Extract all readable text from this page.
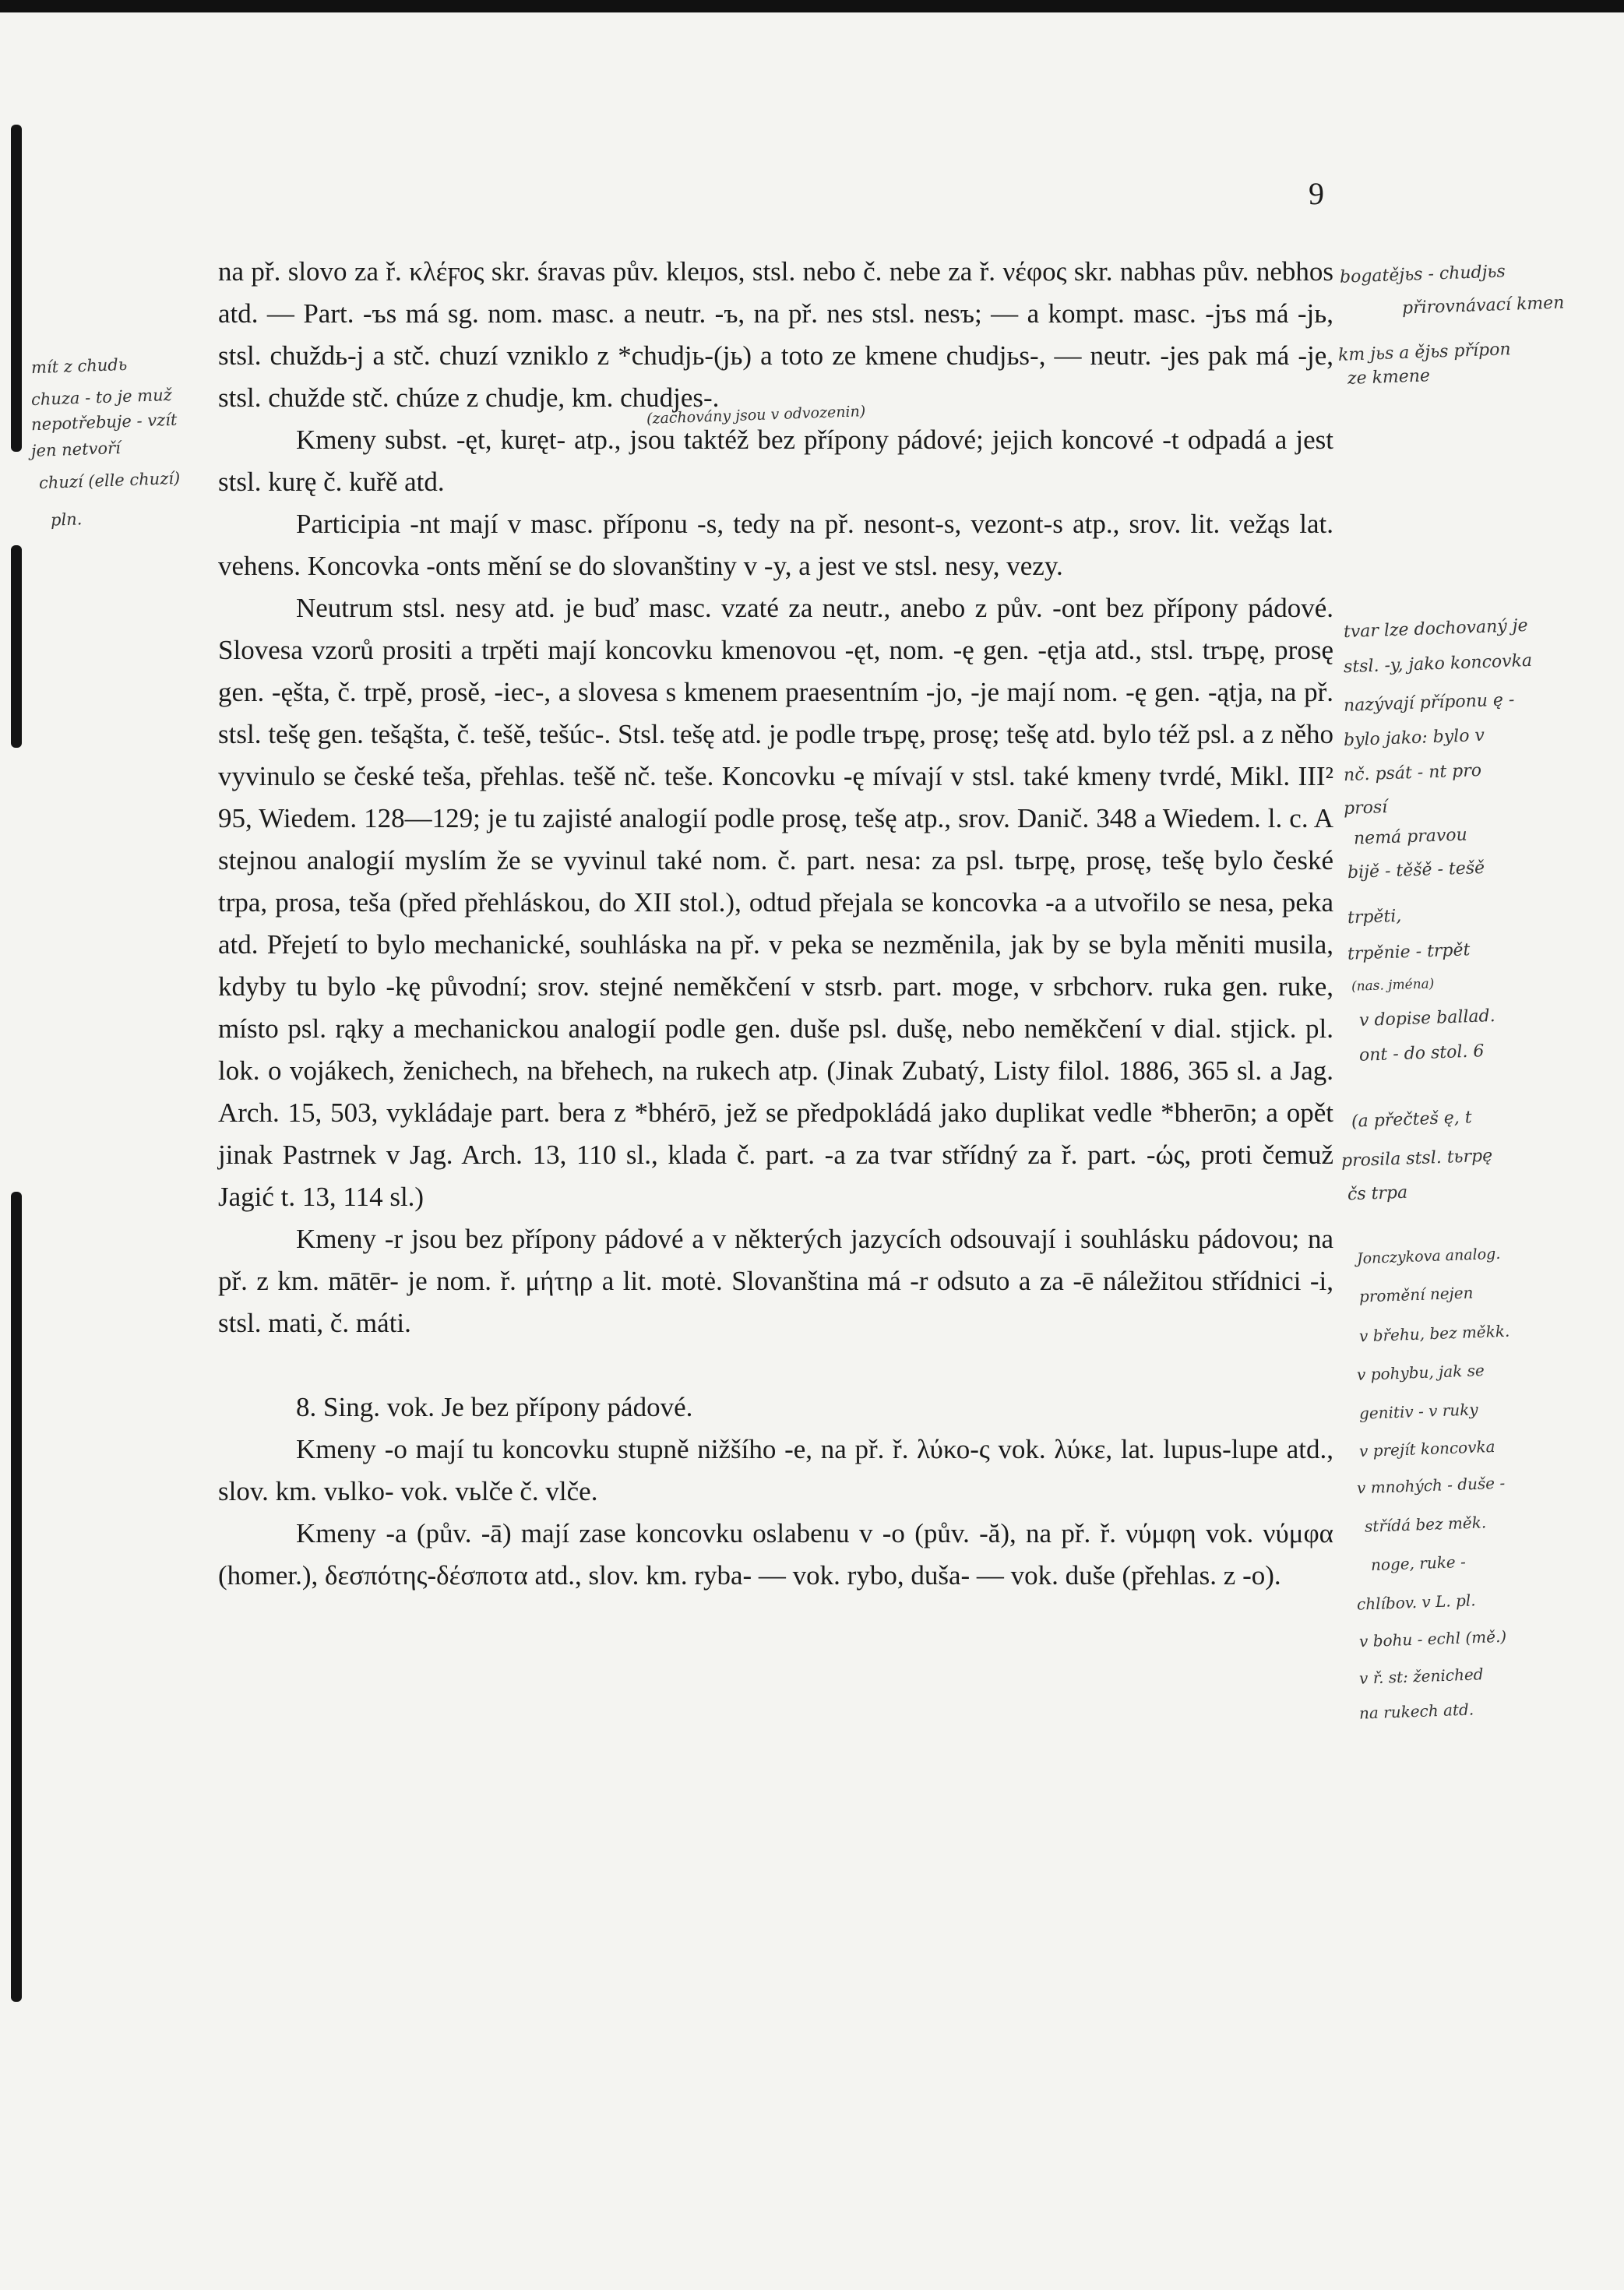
9

na př. slovo za ř. κλέϝος skr. śravas pův. kleџos, stsl. nebo č. nebe za ř. νέφος skr. nabhas pův. nebhos atd. — Part. -ъs má sg. nom. masc. a neutr. -ъ, na př. nes stsl. nesъ; — a kompt. masc. -jъs má -jь, stsl. chuždь-j a stč. chuzí vzniklo z *chudjь-(jь) a toto ze kmene chudjьs-, — neutr. -jes pak má -je, stsl. chužde stč. chúze z chudje, km. chudjes-.

Kmeny subst. -ęt, kuręt- atp., jsou taktéž bez přípony pádové; jejich koncové -t odpadá a jest stsl. kurę č. kuřě atd.

Participia -nt mají v masc. příponu -s, tedy na př. nesont-s, vezont-s atp., srov. lit. vežąs lat. vehens. Koncovka -onts mění se do slovanštiny v -y, a jest ve stsl. nesy, vezy.

Neutrum stsl. nesy atd. je buď masc. vzaté za neutr., anebo z pův. -ont bez přípony pádové. Slovesa vzorů prositi a trpěti mají koncovku kmenovou -ęt, nom. -ę gen. -ętja atd., stsl. trъpę, prosę gen. -ęšta, č. trpě, prosě, -iec-, a slovesa s kmenem praesentním -jo, -je mají nom. -ę gen. -ątja, na př. stsl. tešę gen. tešąšta, č. tešě, tešúc-. Stsl. tešę atd. je podle trъpę, prosę; tešę atd. bylo též psl. a z něho vyvinulo se české teša, přehlas. tešě nč. teše. Koncovku -ę mívají v stsl. také kmeny tvrdé, Mikl. III² 95, Wiedem. 128—129; je tu zajisté analogií podle prosę, tešę atp., srov. Danič. 348 a Wiedem. l. c. A stejnou analogií myslím že se vyvinul také nom. č. part. nesa: za psl. tьrpę, prosę, tešę bylo české trpa, prosa, teša (před přehláskou, do XII stol.), odtud přejala se koncovka -a a utvořilo se nesa, peka atd. Přejetí to bylo mechanické, souhláska na př. v peka se nezměnila, jak by se byla měniti musila, kdyby tu bylo -kę původní; srov. stejné neměkčení v stsrb. part. moge, v srbchorv. ruka gen. ruke, místo psl. rąky a mechanickou analogií podle gen. duše psl. dušę, nebo neměkčení v dial. stjick. pl. lok. o vojákech, ženichech, na břehech, na rukech atp. (Jinak Zubatý, Listy filol. 1886, 365 sl. a Jag. Arch. 15, 503, vykládaje part. bera z *bhérō, jež se předpokládá jako duplikat vedle *bherōn; a opět jinak Pastrnek v Jag. Arch. 13, 110 sl., klada č. part. -a za tvar střídný za ř. part. -ώς, proti čemuž Jagić t. 13, 114 sl.)

Kmeny -r jsou bez přípony pádové a v některých jazycích odsouvají i souhlásku pádovou; na př. z km. mātēr- je nom. ř. μήτηρ a lit. motė. Slovanština má -r odsuto a za -ē náležitou střídnici -i, stsl. mati, č. máti.

8. Sing. vok. Je bez přípony pádové.

Kmeny -o mají tu koncovku stupně nižšího -e, na př. ř. λύκο-ς vok. λύκε, lat. lupus-lupe atd., slov. km. vьlko- vok. vьlče č. vlče.

Kmeny -a (pův. -ā) mají zase koncovku oslabenu v -o (pův. -ă), na př. ř. νύμφη vok. νύμφα (homer.), δεσπότης-δέσποτα atd., slov. km. ryba- — vok. rybo, duša- — vok. duše (přehlas. z -o).

(zachovány jsou v odvozenin)
bogatějьs - chudjьs
přirovnávací kmen
km jьs a ějьs přípon
ze kmene
tvar lze dochovaný je
stsl. -y, jako koncovka
nazývají příponu ę -
bylo jako: bylo v
nč. psát - nt pro
prosí
nemá pravou
bijě - těšě - tešě
trpěti,
trpěnie - trpět
(nas. jména)
v dopise ballad.
ont - do stol. 6
(a přečteš ę, t
prosila stsl. tьrpę
čs trpa
Jonczykova analog.
promění nejen
v břehu, bez měkk.
v pohybu, jak se
genitiv - v ruky
v prejít koncovka
v mnohých - duše -
střídá bez měk.
noge, ruke -
chlíbov. v L. pl.
v bohu - echl (mě.)
v ř. st: ženiched
na rukech atd.
mít z chudь
chuza - to je muž
nepotřebuje - vzít
jen netvoří
chuzí (elle chuzí)
pln.
